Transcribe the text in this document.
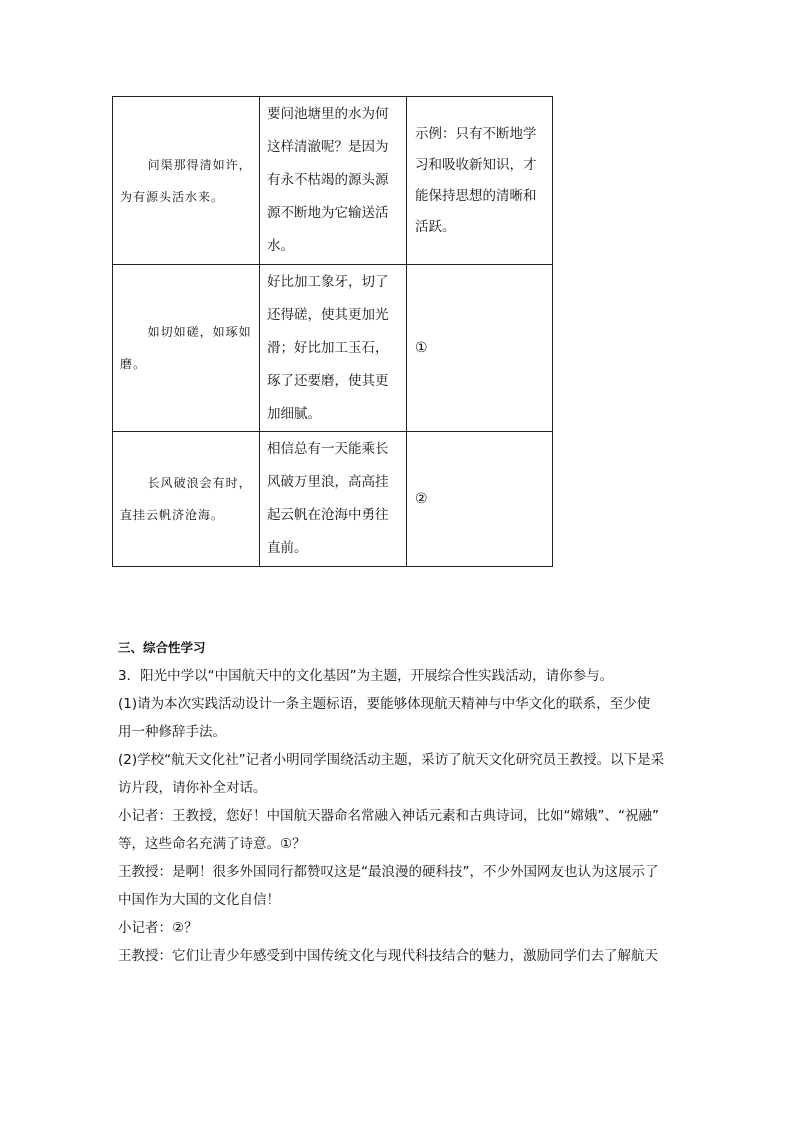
问渠那得清如许，为有源头活水来。	要问池塘里的水为何这样清澈呢？是因为有永不枯竭的源头源源不断地为它输送活水。	示例：只有不断地学习和吸收新知识，才能保持思想的清晰和活跃。

如切如磋，如琢如磨。	好比加工象牙，切了还得磋，使其更加光滑；好比加工玉石，琢了还要磨，使其更加细腻。	①

长风破浪会有时，直挂云帆济沧海。	相信总有一天能乘长风破万里浪，高高挂起云帆在沧海中勇往直前。	②
三、综合性学习
3．阳光中学以“中国航天中的文化基因”为主题，开展综合性实践活动，请你参与。
(1)请为本次实践活动设计一条主题标语，要能够体现航天精神与中华文化的联系，至少使
用一种修辞手法。
(2)学校“航天文化社”记者小明同学围绕活动主题，采访了航天文化研究员王教授。以下是采
访片段，请你补全对话。
小记者：王教授，您好！中国航天器命名常融入神话元素和古典诗词，比如“嫦娥”、“祝融”
等，这些命名充满了诗意。①？
王教授：是啊！很多外国同行都赞叹这是“最浪漫的硬科技”，不少外国网友也认为这展示了
中国作为大国的文化自信！
小记者：②？
王教授：它们让青少年感受到中国传统文化与现代科技结合的魅力，激励同学们去了解航天
